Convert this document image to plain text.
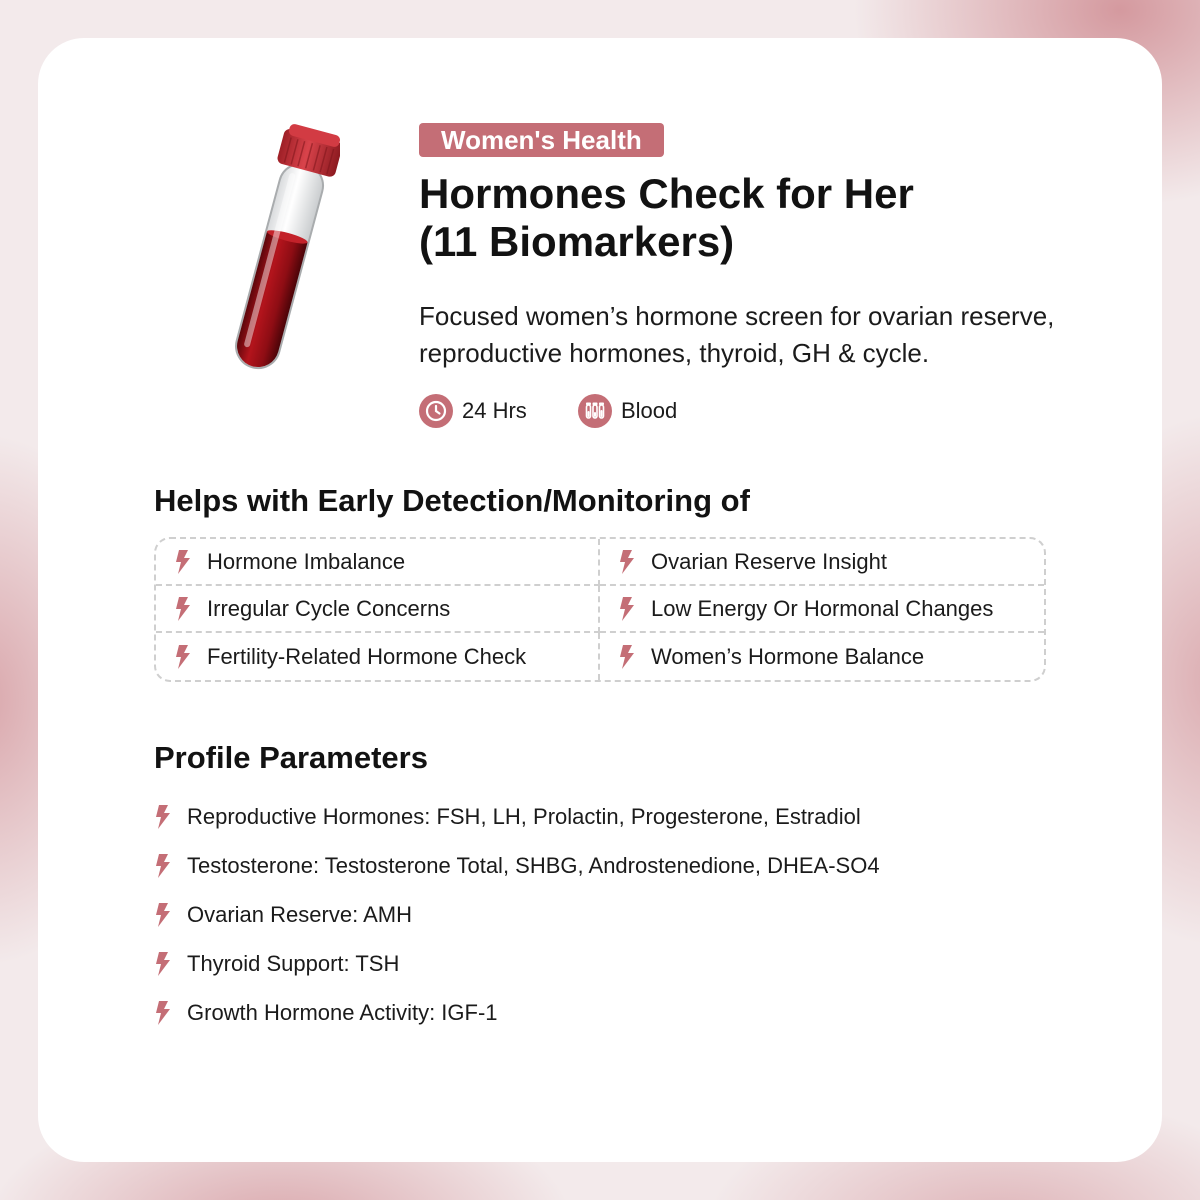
Women's Health
Hormones Check for Her
(11 Biomarkers)

Focused women’s hormone screen for ovarian reserve, reproductive hormones, thyroid, GH & cycle.

24 Hrs	Blood
Helps with Early Detection/Monitoring of
Hormone Imbalance	Ovarian Reserve Insight
Irregular Cycle Concerns	Low Energy Or Hormonal Changes
Fertility-Related Hormone Check	Women’s Hormone Balance
Profile Parameters
Reproductive Hormones: FSH, LH, Prolactin, Progesterone, Estradiol
Testosterone: Testosterone Total, SHBG, Androstenedione, DHEA-SO4
Ovarian Reserve: AMH
Thyroid Support: TSH
Growth Hormone Activity: IGF-1
